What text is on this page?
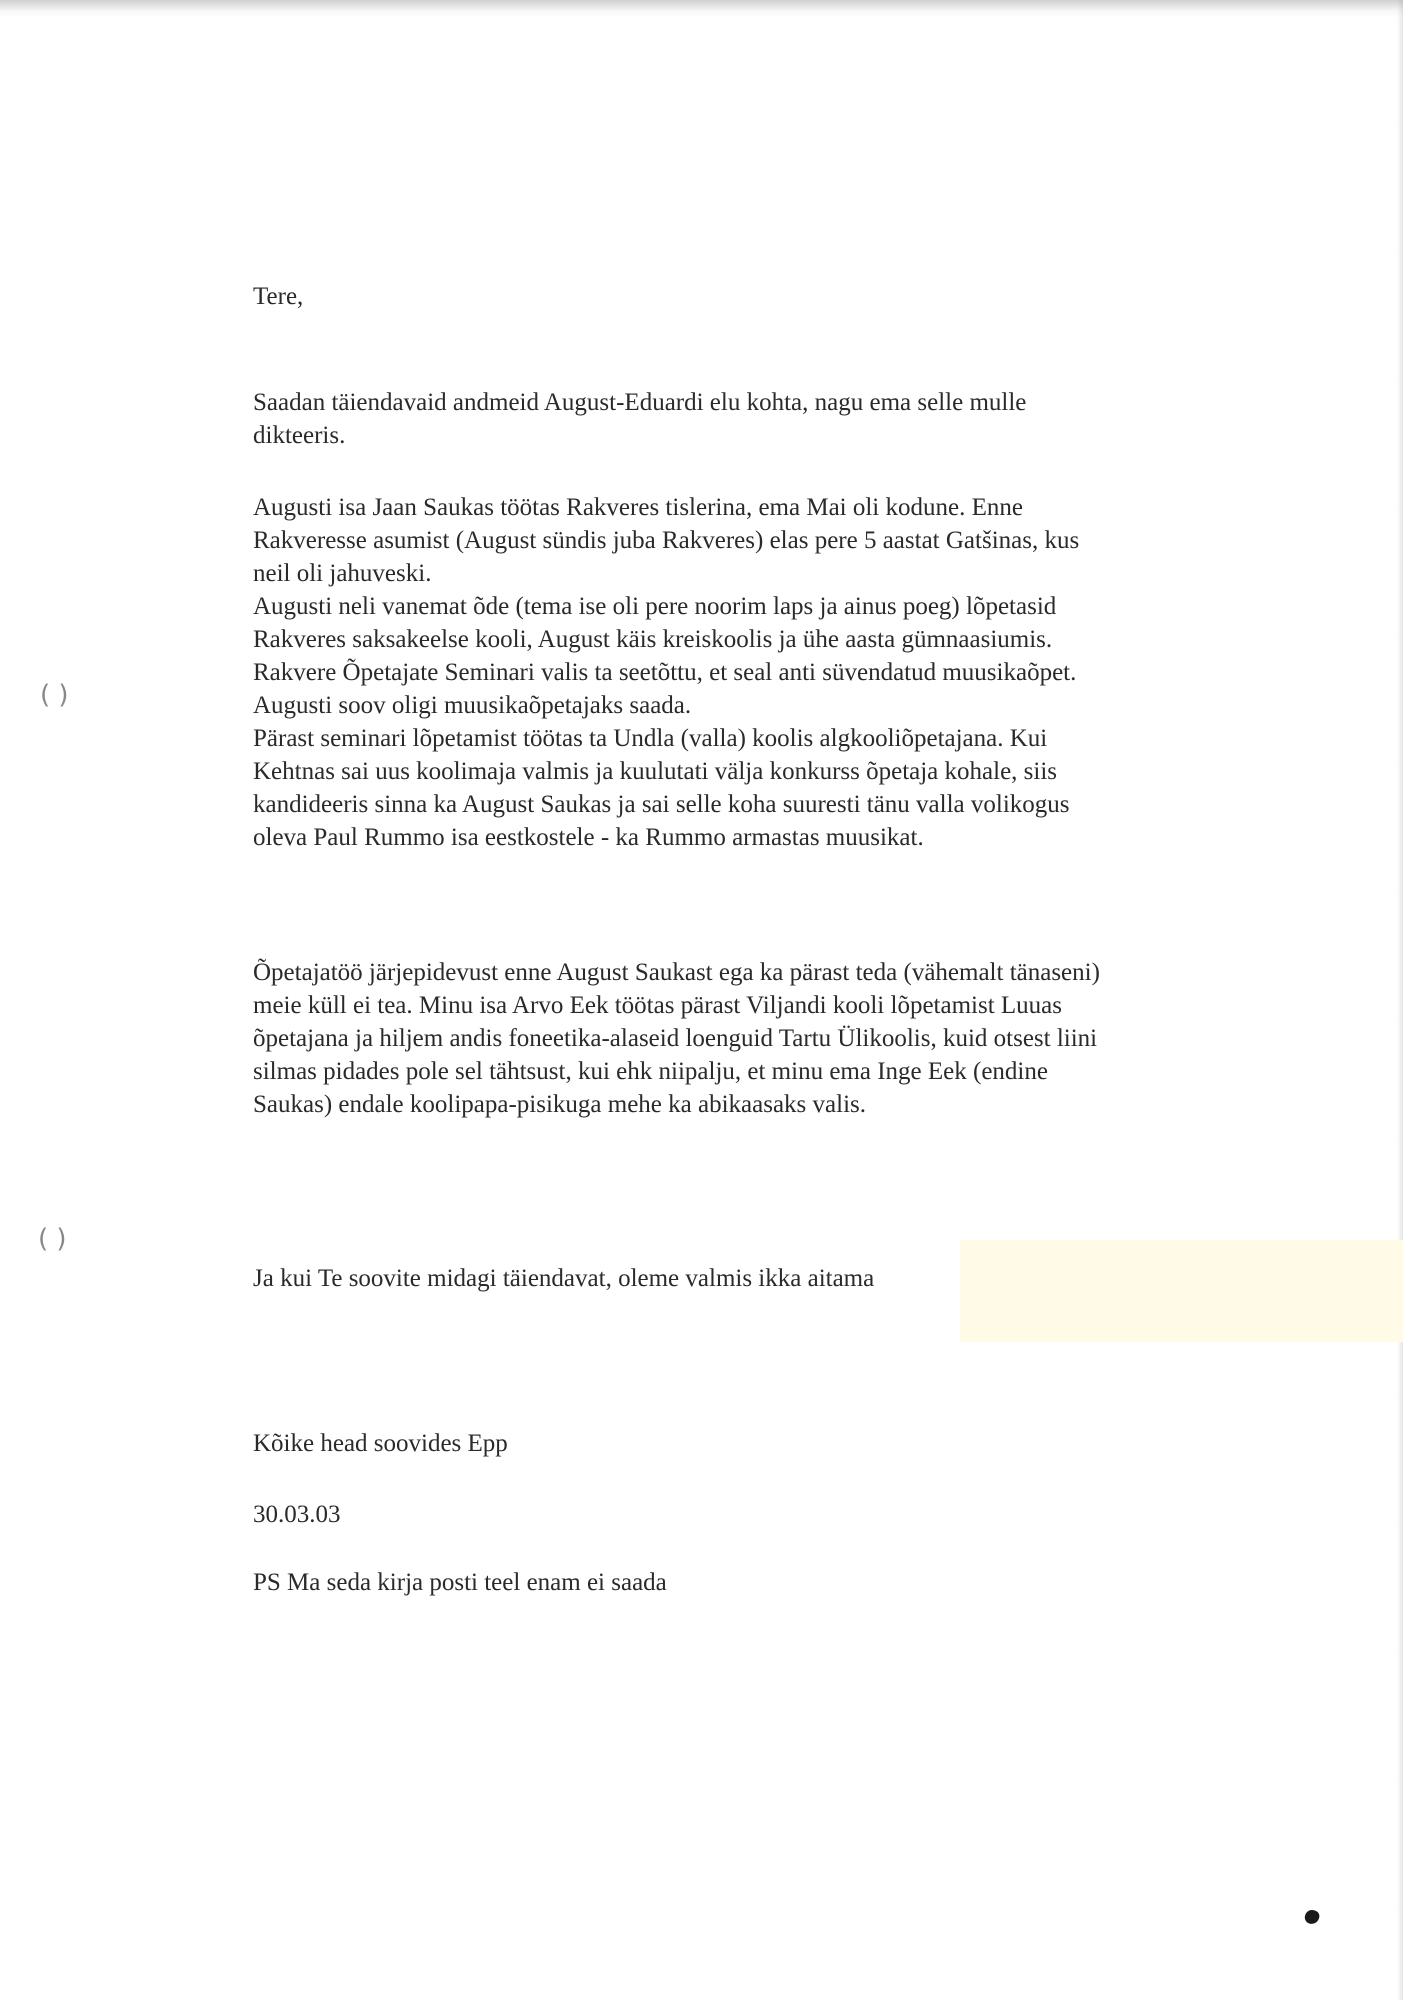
Tere,
Saadan täiendavaid andmeid August-Eduardi elu kohta, nagu ema selle mulle
dikteeris.
Augusti isa Jaan Saukas töötas Rakveres tislerina, ema Mai oli kodune. Enne
Rakveresse asumist (August sündis juba Rakveres) elas pere 5 aastat Gatšinas, kus
neil oli jahuveski.
Augusti neli vanemat õde (tema ise oli pere noorim laps ja ainus poeg) lõpetasid
Rakveres saksakeelse kooli, August käis kreiskoolis ja ühe aasta gümnaasiumis.
Rakvere Õpetajate Seminari valis ta seetõttu, et seal anti süvendatud muusikaõpet.
Augusti soov oligi muusikaõpetajaks saada.
Pärast seminari lõpetamist töötas ta Undla (valla) koolis algkooliõpetajana. Kui
Kehtnas sai uus koolimaja valmis ja kuulutati välja konkurss õpetaja kohale, siis
kandideeris sinna ka August Saukas ja sai selle koha suuresti tänu valla volikogus
oleva Paul Rummo isa eestkostele - ka Rummo armastas muusikat.
Õpetajatöö järjepidevust enne August Saukast ega ka pärast teda (vähemalt tänaseni)
meie küll ei tea. Minu isa Arvo Eek töötas pärast Viljandi kooli lõpetamist Luuas
õpetajana ja hiljem andis foneetika-alaseid loenguid Tartu Ülikoolis, kuid otsest liini
silmas pidades pole sel tähtsust, kui ehk niipalju, et minu ema Inge Eek (endine
Saukas) endale koolipapa-pisikuga mehe ka abikaasaks valis.
Ja kui Te soovite midagi täiendavat, oleme valmis ikka aitama
Kõike head soovides Epp
30.03.03
PS Ma seda kirja posti teel enam ei saada
( )
( )
